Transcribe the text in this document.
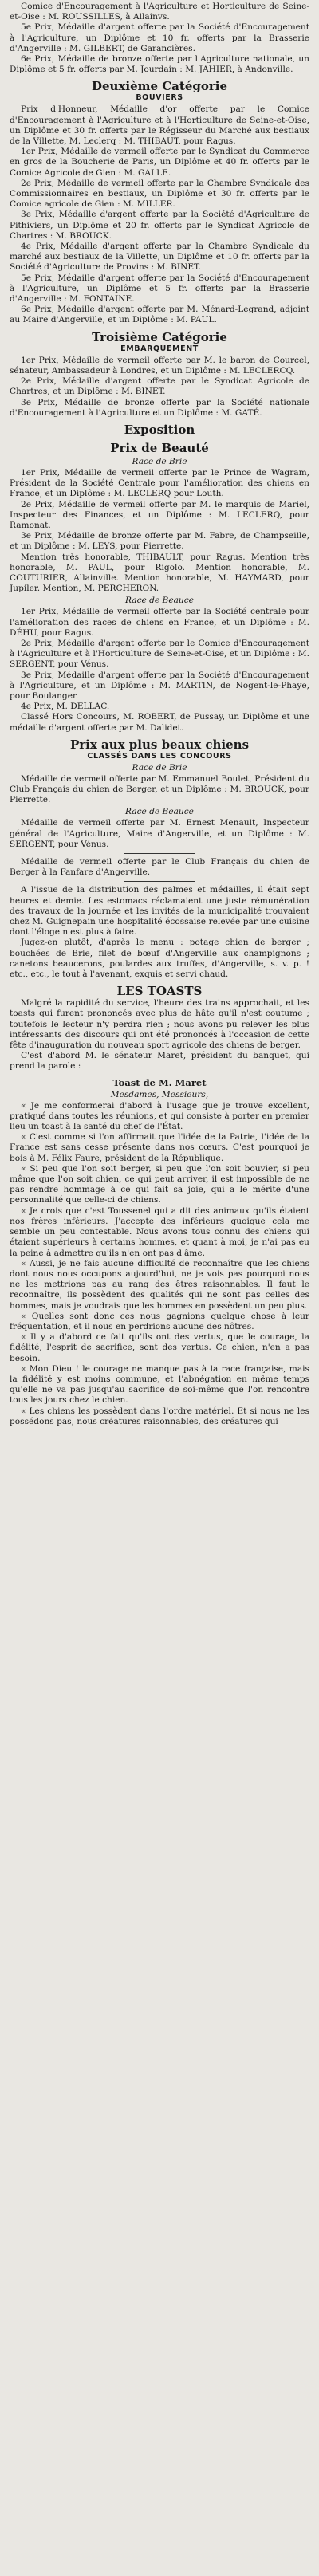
Comice d'Encouragement à l'Agriculture et Horticulture de Seine-et-Oise : M. ROUSSILLES, à Allainvs.

5e Prix, Médaille d'argent offerte par la Société d'Encouragement à l'Agriculture, un Diplôme et 10 fr. offerts par la Brasserie d'Angerville : M. GILBERT, de Garancières.

6e Prix, Médaille de bronze offerte par l'Agriculture nationale, un Diplôme et 5 fr. offerts par M. Jourdain : M. JAHIER, à Andonville.

Deuxième Catégorie
BOUVIERS

Prix d'Honneur, Médaille d'or offerte par le Comice d'Encouragement à l'Agriculture et à l'Horticulture de Seine-et-Oise, un Diplôme et 30 fr. offerts par le Régisseur du Marché aux bestiaux de la Villette, M. Leclerq : M. THIBAUT, pour Ragus.

1er Prix, Médaille de vermeil offerte par le Syndicat du Commerce en gros de la Boucherie de Paris, un Diplôme et 40 fr. offerts par le Comice Agricole de Gien : M. GALLE.

2e Prix, Médaille de vermeil offerte par la Chambre Syndicale des Commissionnaires en bestiaux, un Diplôme et 30 fr. offerts par le Comice agricole de Gien : M. MILLER.

3e Prix, Médaille d'argent offerte par la Société d'Agriculture de Pithiviers, un Diplôme et 20 fr. offerts par le Syndicat Agricole de Chartres : M. BROUCK.

4e Prix, Médaille d'argent offerte par la Chambre Syndicale du marché aux bestiaux de la Villette, un Diplôme et 10 fr. offerts par la Société d'Agriculture de Provins : M. BINET.

5e Prix, Médaille d'argent offerte par la Société d'Encouragement à l'Agriculture, un Diplôme et 5 fr. offerts par la Brasserie d'Angerville : M. FONTAINE.

6e Prix, Médaille d'argent offerte par M. Ménard-Legrand, adjoint au Maire d'Angerville, et un Diplôme : M. PAUL.

Troisième Catégorie
EMBARQUEMENT

1er Prix, Médaille de vermeil offerte par M. le baron de Courcel, sénateur, Ambassadeur à Londres, et un Diplôme : M. LECLERCQ.

2e Prix, Médaille d'argent offerte par le Syndicat Agricole de Chartres, et un Diplôme : M. BINET.

3e Prix, Médaille de bronze offerte par la Société nationale d'Encouragement à l'Agriculture et un Diplôme : M. GATÉ.

Exposition
Prix de Beauté
Race de Brie

1er Prix, Médaille de vermeil offerte par le Prince de Wagram, Président de la Société Centrale pour l'amélioration des chiens en France, et un Diplôme : M. LECLERQ pour Louth.

2e Prix, Médaille de vermeil offerte par M. le marquis de Mariel, Inspecteur des Finances, et un Diplôme : M. LECLERQ, pour Ramonat.

3e Prix, Médaille de bronze offerte par M. Fabre, de Champseille, et un Diplôme : M. LEYS, pour Pierrette.

Mention très honorable, THIBAULT, pour Ragus. Mention très honorable, M. PAUL, pour Rigolo. Mention honorable, M. COUTURIER, Allainville. Mention honorable, M. HAYMARD, pour Jupiler. Mention, M. PERCHERON.

Race de Beauce

1er Prix, Médaille de vermeil offerte par la Société centrale pour l'amélioration des races de chiens en France, et un Diplôme : M. DÉHU, pour Ragus.

2e Prix, Médaille d'argent offerte par le Comice d'Encouragement à l'Agriculture et à l'Horticulture de Seine-et-Oise, et un Diplôme : M. SERGENT, pour Vénus.

3e Prix, Médaille d'argent offerte par la Société d'Encouragement à l'Agriculture, et un Diplôme : M. MARTIN, de Nogent-le-Phaye, pour Boulanger.

4e Prix, M. DELLAC.

Classé Hors Concours, M. ROBERT, de Pussay, un Diplôme et une médaille d'argent offerte par M. Dalidet.

Prix aux plus beaux chiens
CLASSÉS DANS LES CONCOURS
Race de Brie

Médaille de vermeil offerte par M. Emmanuel Boulet, Président du Club Français du chien de Berger, et un Diplôme : M. BROUCK, pour Pierrette.

Race de Beauce

Médaille de vermeil offerte par M. Ernest Menault, Inspecteur général de l'Agriculture, Maire d'Angerville, et un Diplôme : M. SERGENT, pour Vénus.

Médaille de vermeil offerte par le Club Français du chien de Berger à la Fanfare d'Angerville.

A l'issue de la distribution des palmes et médailles, il était sept heures et demie. Les estomacs réclamaient une juste rémunération des travaux de la journée et les invités de la municipalité trouvaient chez M. Guignepain une hospitalité écossaise relevée par une cuisine dont l'éloge n'est plus à faire.

Jugez-en plutôt, d'après le menu : potage chien de berger ; bouchées de Brie, filet de bœuf d'Angerville aux champignons ; canetons beaucerons, poulardes aux truffes, d'Angerville, s. v. p. ! etc., etc., le tout à l'avenant, exquis et servi chaud.

LES TOASTS

Malgré la rapidité du service, l'heure des trains approchait, et les toasts qui furent prononcés avec plus de hâte qu'il n'est coutume ; toutefois le lecteur n'y perdra rien ; nous avons pu relever les plus intéressants des discours qui ont été prononcés à l'occasion de cette fête d'inauguration du nouveau sport agricole des chiens de berger.

C'est d'abord M. le sénateur Maret, président du banquet, qui prend la parole :

Toast de M. Maret
Mesdames, Messieurs,

« Je me conformerai d'abord à l'usage que je trouve excellent, pratiqué dans toutes les réunions, et qui consiste à porter en premier lieu un toast à la santé du chef de l'État.

« C'est comme si l'on affirmait que l'idée de la Patrie, l'idée de la France est sans cesse présente dans nos cœurs. C'est pourquoi je bois à M. Félix Faure, président de la République.

« Si peu que l'on soit berger, si peu que l'on soit bouvier, si peu même que l'on soit chien, ce qui peut arriver, il est impossible de ne pas rendre hommage à ce qui fait sa joie, qui a le mérite d'une personnalité que celle-ci de chiens.

« Je crois que c'est Toussenel qui a dit des animaux qu'ils étaient nos frères inférieurs. J'accepte des inférieurs quoique cela me semble un peu contestable. Nous avons tous connu des chiens qui étaient supérieurs à certains hommes, et quant à moi, je n'ai pas eu la peine à admettre qu'ils n'en ont pas d'âme.

« Aussi, je ne fais aucune difficulté de reconnaître que les chiens dont nous nous occupons aujourd'hui, ne je vois pas pourquoi nous ne les mettrions pas au rang des êtres raisonnables. Il faut le reconnaître, ils possèdent des qualités qui ne sont pas celles des hommes, mais je voudrais que les hommes en possèdent un peu plus.

« Quelles sont donc ces nous gagnions quelque chose à leur fréquentation, et il nous en perdrions aucune des nôtres.

« Il y a d'abord ce fait qu'ils ont des vertus, que le courage, la fidélité, l'esprit de sacrifice, sont des vertus. Ce chien, n'en a pas besoin.

« Mon Dieu ! le courage ne manque pas à la race française, mais la fidélité y est moins commune, et l'abnégation en même temps qu'elle ne va pas jusqu'au sacrifice de soi-même que l'on rencontre tous les jours chez le chien.

« Les chiens les possèdent dans l'ordre matériel. Et si nous ne les possédons pas, nous créatures raisonnables, des créatures qui
